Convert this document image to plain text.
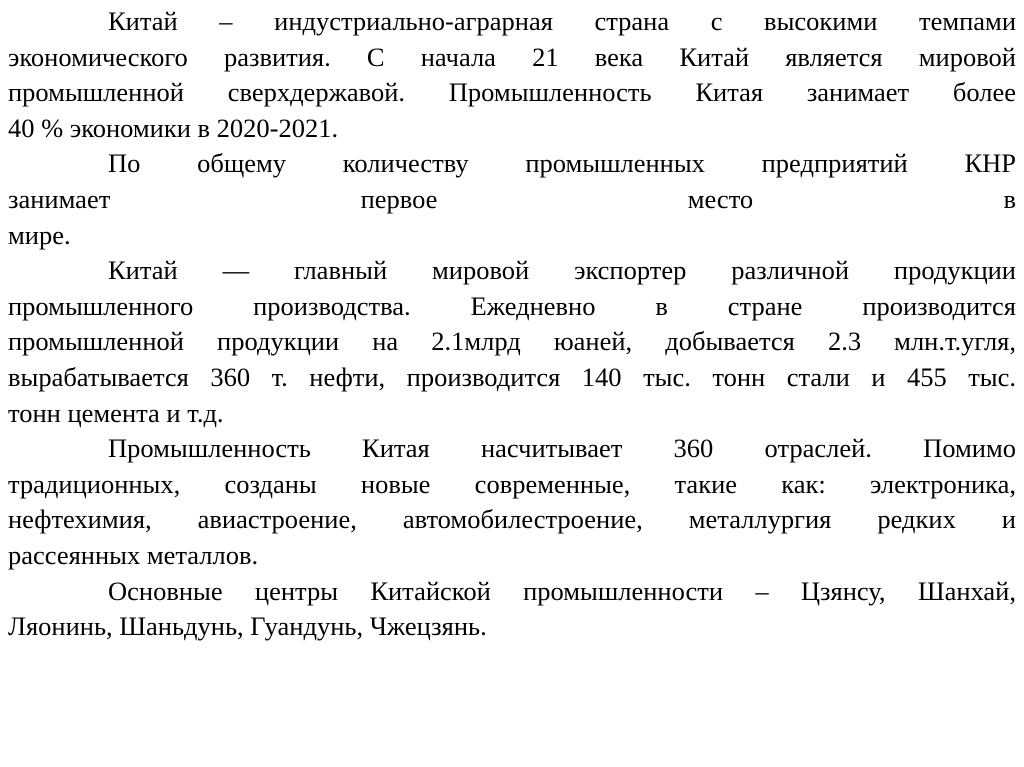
Китай – индустриально-аграрная страна с высокими темпами
экономического развития. С начала 21 века Китай является мировой
промышленной сверхдержавой. Промышленность Китая занимает более
40 % экономики в 2020-2021.

По общему количеству промышленных предприятий КНР
занимает первое место в
мире.

Китай — главный мировой экспортер различной продукции
промышленного производства. Ежедневно в стране производится
промышленной продукции на 2.1млрд юаней, добывается 2.3 млн.т.угля,
вырабатывается 360 т. нефти, производится 140 тыс. тонн стали и 455 тыс.
тонн цемента и т.д.

Промышленность Китая насчитывает 360 отраслей. Помимо
традиционных, созданы новые современные, такие как: электроника,
нефтехимия, авиастроение, автомобилестроение, металлургия редких и
рассеянных металлов.

Основные центры Китайской промышленности – Цзянсу, Шанхай,
Ляонинь, Шаньдунь, Гуандунь, Чжецзянь.
